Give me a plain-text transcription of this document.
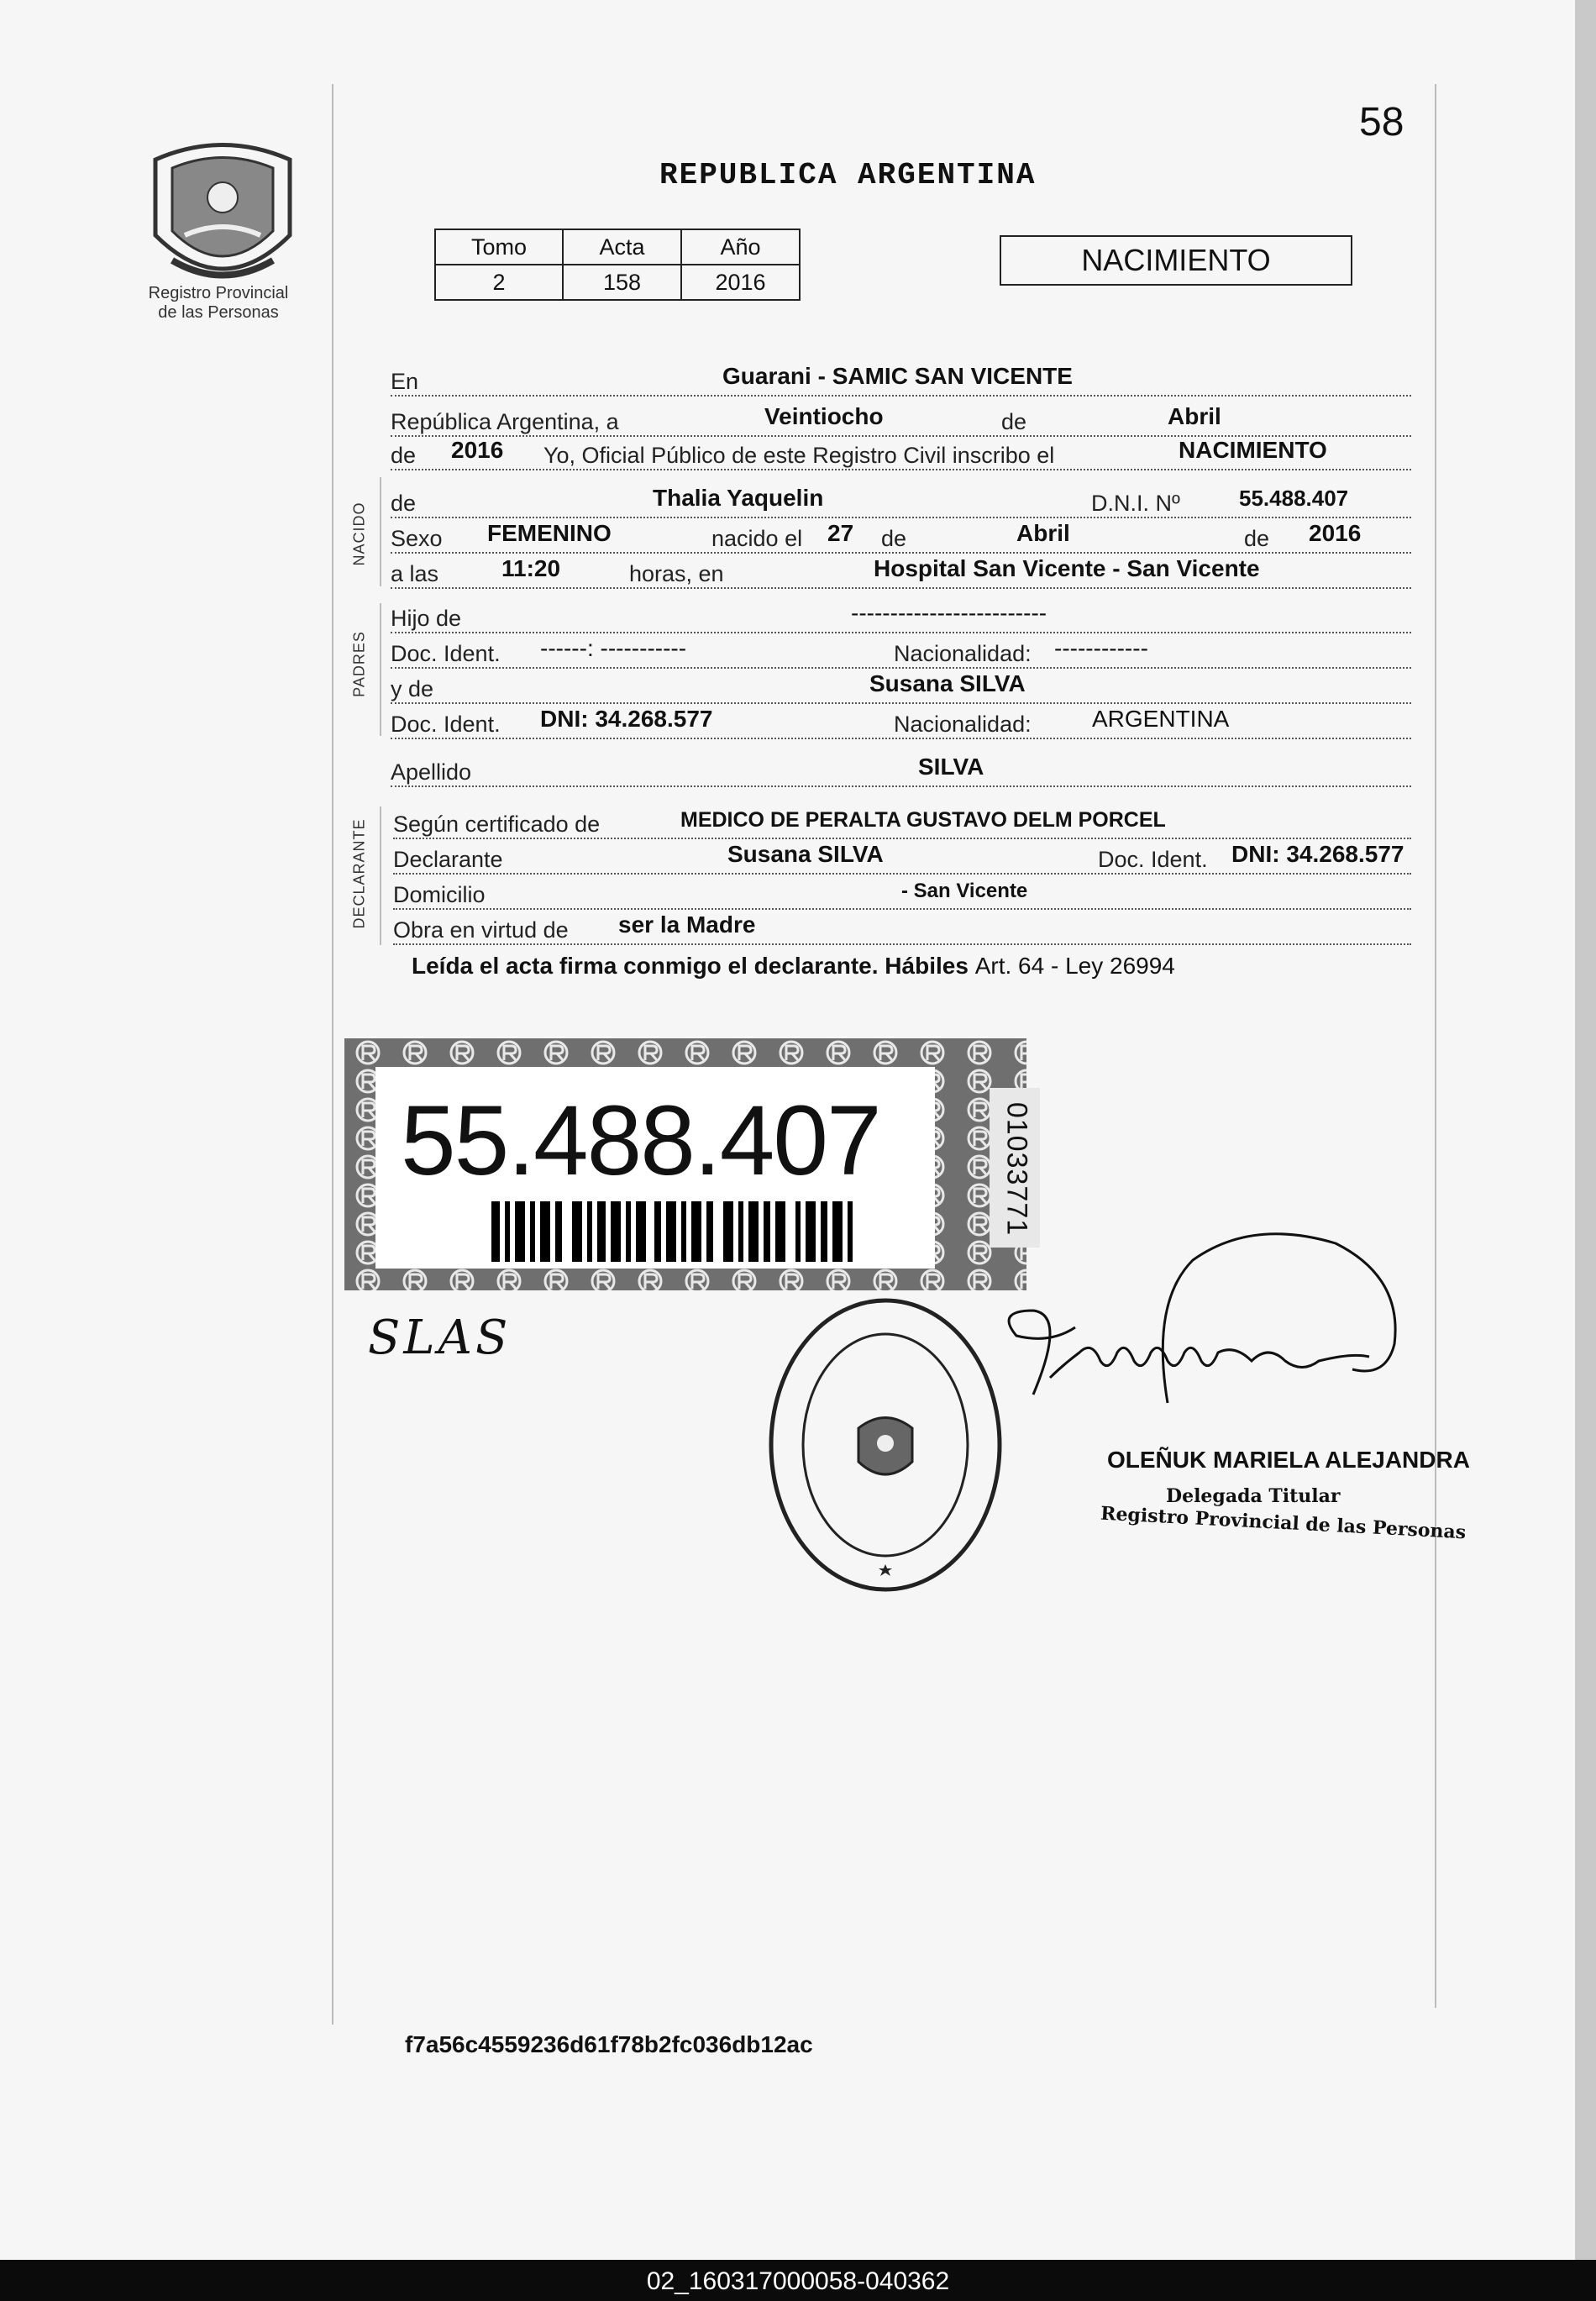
58
Registro Provincial
de las Personas
REPUBLICA ARGENTINA
Tomo	Acta	Año
2	158	2016
NACIMIENTO
En	Guarani - SAMIC SAN VICENTE
República Argentina, a	Veintiocho	de	Abril
de 2016 Yo, Oficial Público de este Registro Civil inscribo el	NACIMIENTO
NACIDO de	Thalia Yaquelin	D.N.I. Nº	55.488.407
Sexo FEMENINO	nacido el 27 de	Abril	de 2016
a las	11:20	horas, en	Hospital San Vicente - San Vicente
PADRES
Hijo de	-------------------------
Doc. Ident. ------: -----------	Nacionalidad: ------------
y de	Susana SILVA
Doc. Ident. DNI: 34.268.577	Nacionalidad:	ARGENTINA
Apellido	SILVA
DECLARANTE Según certificado de	MEDICO DE PERALTA GUSTAVO DELM PORCEL
Declarante	Susana SILVA	Doc. Ident. DNI: 34.268.577
Domicilio	- San Vicente
Obra en virtud de ser la Madre
Leída el acta firma conmigo el declarante. Hábiles Art. 64 - Ley 26994
55.488.407	01033771
SLAS
OLEÑUK MARIELA ALEJANDRA
Delegada Titular
Registro Provincial de las Personas
f7a56c4559236d61f78b2fc036db12ac
02_160317000058-040362
